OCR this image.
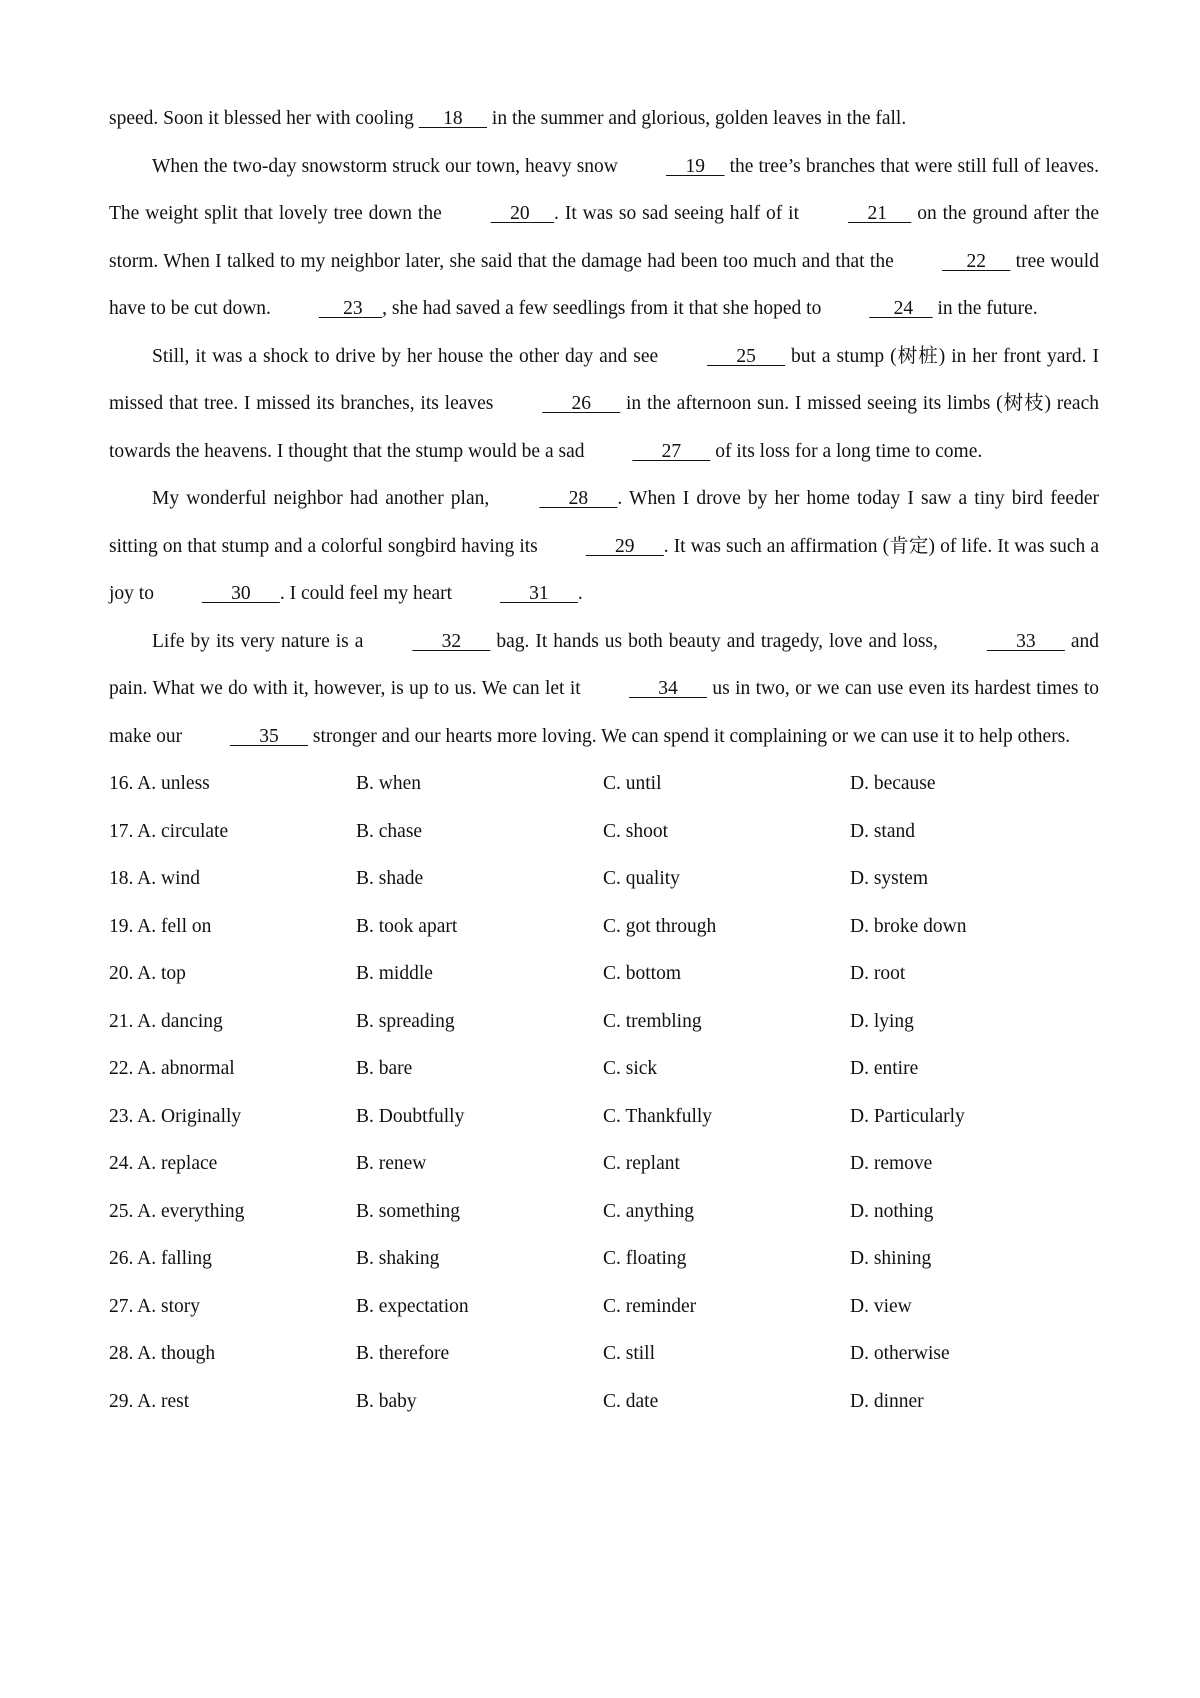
speed. Soon it blessed her with cooling      18      in the summer and glorious, golden leaves in the fall.

When the two-day snowstorm struck our town, heavy snow	19     the tree’s branches that were still full of leaves. The weight split that lovely tree down the	20 . It was so sad seeing half of it	21      on the ground after the storm. When I talked to my neighbor later, she said that the damage had been too much and that the	22      tree would have to be cut down.	23 , she had saved a few seedlings from it that she hoped to	24     in the future.

Still, it was a shock to drive by her house the other day and see	25       but a stump (树桩) in her front yard. I missed that tree. I missed its branches, its leaves	26       in the afternoon sun. I missed seeing its limbs (树枝) reach towards the heavens. I thought that the stump would be a sad	27       of its loss for a long time to come.

My wonderful neighbor had another plan,	28 . When I drove by her home today I saw a tiny bird feeder sitting on that stump and a colorful songbird having its	29 . It was such an affirmation (肯定) of life. It was such a joy to	30 . I could feel my heart	31 .

Life by its very nature is a	32       bag. It hands us both beauty and tragedy, love and loss,	33       and pain. What we do with it, however, is up to us. We can let it	34       us in two, or we can use even its hardest times to make our	35       stronger and our hearts more loving. We can spend it complaining or we can use it to help others.

16. A. unless	B. when	C. until	D. because
17. A. circulate	B. chase	C. shoot	D. stand
18. A. wind	B. shade	C. quality	D. system
19. A. fell on	B. took apart	C. got through	D. broke down
20. A. top	B. middle	C. bottom	D. root
21. A. dancing	B. spreading	C. trembling	D. lying
22. A. abnormal	B. bare	C. sick	D. entire
23. A. Originally	B. Doubtfully	C. Thankfully	D. Particularly
24. A. replace	B. renew	C. replant	D. remove
25. A. everything	B. something	C. anything	D. nothing
26. A. falling	B. shaking	C. floating	D. shining
27. A. story	B. expectation	C. reminder	D. view
28. A. though	B. therefore	C. still	D. otherwise
29. A. rest	B. baby	C. date	D. dinner
